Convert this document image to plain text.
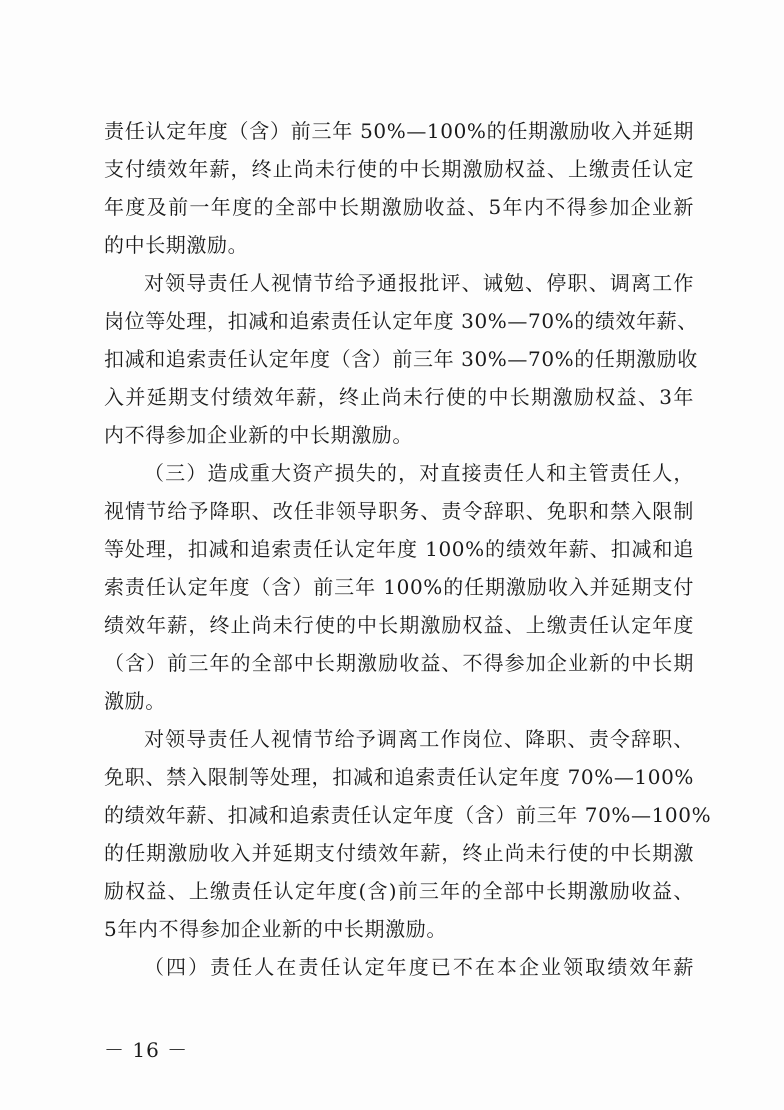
责任认定年度（含）前三年 50%—100%的任期激励收入并延期
支付绩效年薪，终止尚未行使的中长期激励权益、上缴责任认定
年度及前一年度的全部中长期激励收益、5年内不得参加企业新
的中长期激励。
对领导责任人视情节给予通报批评、诫勉、停职、调离工作
岗位等处理，扣减和追索责任认定年度 30%—70%的绩效年薪、
扣减和追索责任认定年度（含）前三年 30%—70%的任期激励收
入并延期支付绩效年薪，终止尚未行使的中长期激励权益、3年
内不得参加企业新的中长期激励。
（三）造成重大资产损失的，对直接责任人和主管责任人，
视情节给予降职、改任非领导职务、责令辞职、免职和禁入限制
等处理，扣减和追索责任认定年度 100%的绩效年薪、扣减和追
索责任认定年度（含）前三年 100%的任期激励收入并延期支付
绩效年薪，终止尚未行使的中长期激励权益、上缴责任认定年度
（含）前三年的全部中长期激励收益、不得参加企业新的中长期
激励。
对领导责任人视情节给予调离工作岗位、降职、责令辞职、
免职、禁入限制等处理，扣减和追索责任认定年度 70%—100%
的绩效年薪、扣减和追索责任认定年度（含）前三年 70%—100%
的任期激励收入并延期支付绩效年薪，终止尚未行使的中长期激
励权益、上缴责任认定年度(含)前三年的全部中长期激励收益、
5年内不得参加企业新的中长期激励。
（四）责任人在责任认定年度已不在本企业领取绩效年薪
－ 16 －
